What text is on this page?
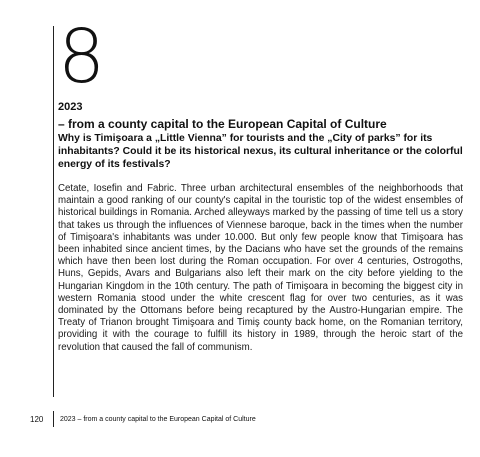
8
2023
– from a county capital to the European Capital of Culture
Why is Timişoara a „Little Vienna” for tourists and the „City of parks” for its inhabitants? Could it be its historical nexus, its cultural inheritance or the colorful energy of its festivals?
Cetate, Iosefin and Fabric. Three urban architectural ensembles of the neighborhoods that maintain a good ranking of our county's capital in the touristic top of the widest ensembles of historical buildings in Romania. Arched alleyways marked by the passing of time tell us a story that takes us through the influences of Viennese baroque, back in the times when the number of Timişoara's inhabitants was under 10.000. But only few people know that Timişoara has been inhabited since ancient times, by the Dacians who have set the grounds of the remains which have then been lost during the Roman occupation. For over 4 centuries, Ostrogoths, Huns, Gepids, Avars and Bulgarians also left their mark on the city before yielding to the Hungarian Kingdom in the 10th century. The path of Timişoara in becoming the biggest city in western Romania stood under the white crescent flag for over two centuries, as it was dominated by the Ottomans before being recaptured by the Austro-Hungarian empire. The Treaty of Trianon brought Timişoara and Timiş county back home, on the Romanian territory, providing it with the courage to fulfill its history in 1989, through the heroic start of the revolution that caused the fall of communism.
120	2023 – from a county capital to the European Capital of Culture
